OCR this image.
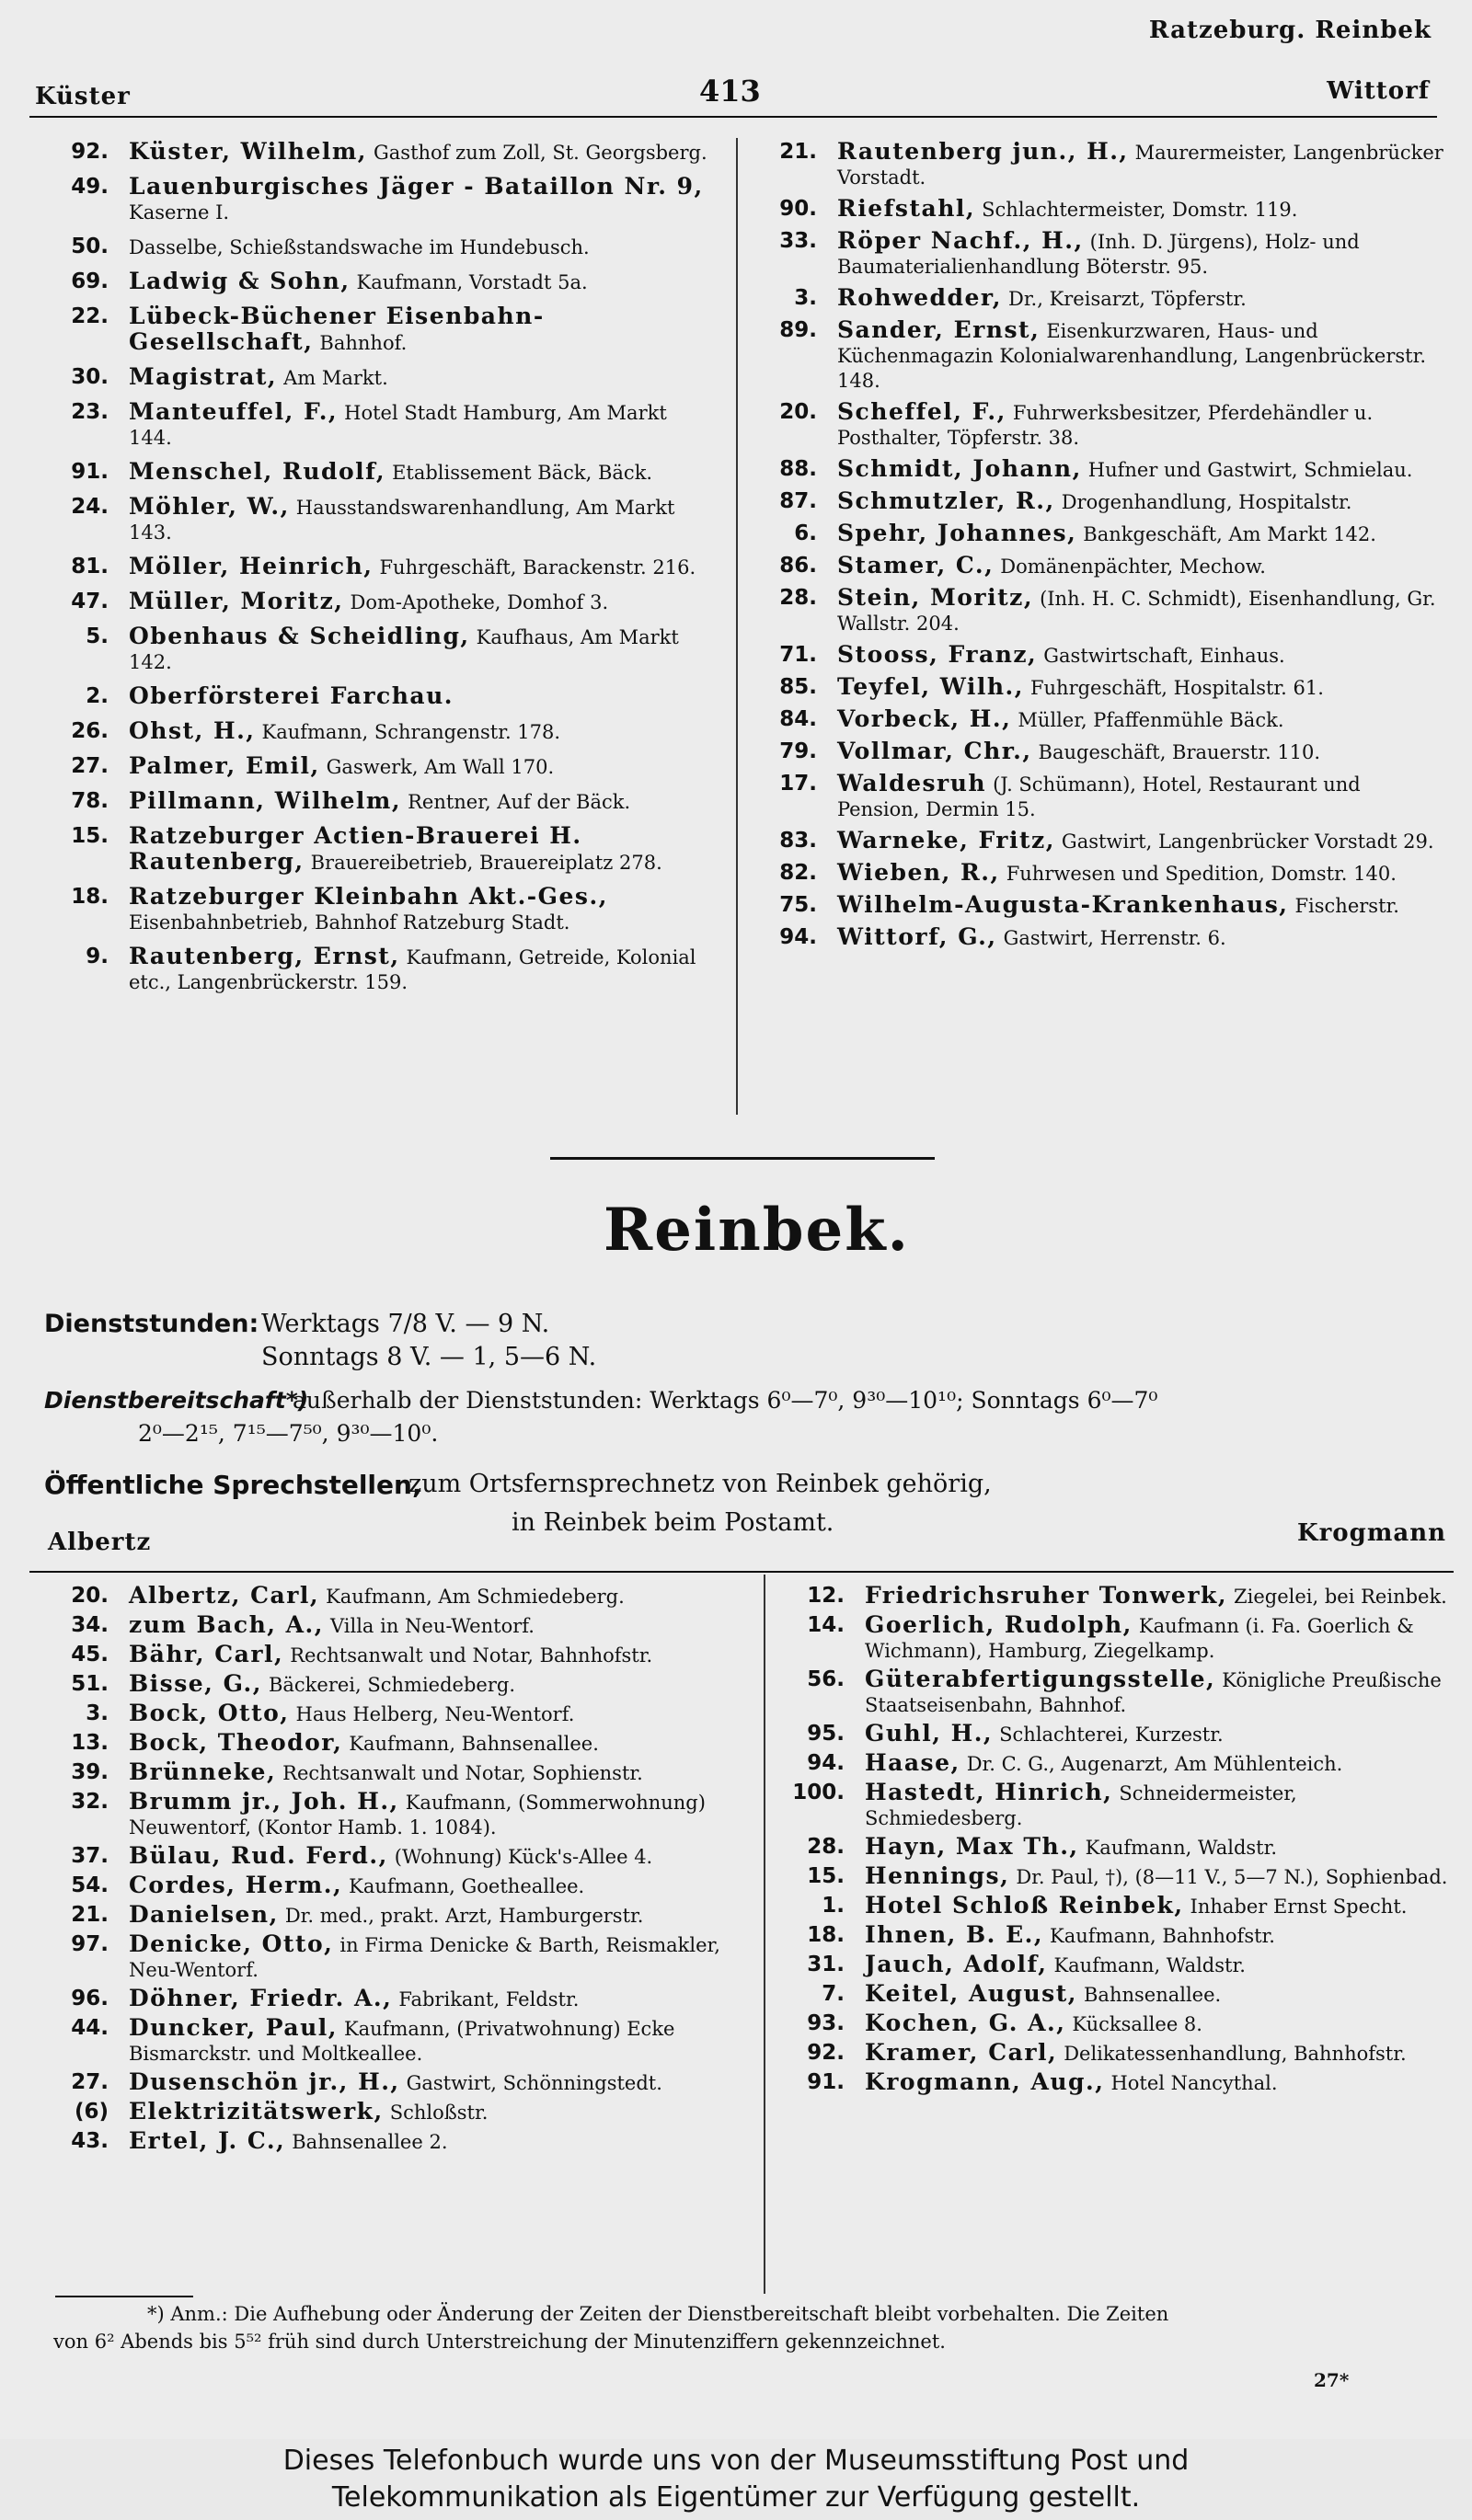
Ratzeburg. Reinbek
Küster	413	Wittorf
92. Küster, Wilhelm, Gasthof zum Zoll, St. Georgsberg.
49. Lauenburgisches Jäger - Bataillon Nr. 9, Kaserne I.
50. Dasselbe, Schießstandswache im Hundebusch.
69. Ladwig & Sohn, Kaufmann, Vorstadt 5a.
22. Lübeck-Büchener Eisenbahn-Gesellschaft, Bahnhof.
30. Magistrat, Am Markt.
23. Manteuffel, F., Hotel Stadt Hamburg, Am Markt 144.
91. Menschel, Rudolf, Etablissement Bäck, Bäck.
24. Möhler, W., Hausstandswarenhandlung, Am Markt 143.
81. Möller, Heinrich, Fuhrgeschäft, Barackenstr. 216.
47. Müller, Moritz, Dom-Apotheke, Domhof 3.
5. Obenhaus & Scheidling, Kaufhaus, Am Markt 142.
2. Oberförsterei Farchau.
26. Ohst, H., Kaufmann, Schrangenstr. 178.
27. Palmer, Emil, Gaswerk, Am Wall 170.
78. Pillmann, Wilhelm, Rentner, Auf der Bäck.
15. Ratzeburger Actien-Brauerei H. Rautenberg, Brauereibetrieb, Brauereiplatz 278.
18. Ratzeburger Kleinbahn Akt.-Ges., Eisenbahnbetrieb, Bahnhof Ratzeburg Stadt.
9. Rautenberg, Ernst, Kaufmann, Getreide, Kolonial etc., Langenbrückerstr. 159.
21. Rautenberg jun., H., Maurermeister, Langenbrücker Vorstadt.
90. Riefstahl, Schlachtermeister, Domstr. 119.
33. Röper Nachf., H., (Inh. D. Jürgens), Holz- und Baumaterialienhandlung Böterstr. 95.
3. Rohwedder, Dr., Kreisarzt, Töpferstr.
89. Sander, Ernst, Eisenkurzwaren, Haus- und Küchenmagazin Kolonialwarenhandlung, Langenbrückerstr. 148.
20. Scheffel, F., Fuhrwerksbesitzer, Pferdehändler u. Posthalter, Töpferstr. 38.
88. Schmidt, Johann, Hufner und Gastwirt, Schmielau.
87. Schmutzler, R., Drogenhandlung, Hospitalstr.
6. Spehr, Johannes, Bankgeschäft, Am Markt 142.
86. Stamer, C., Domänenpächter, Mechow.
28. Stein, Moritz, (Inh. H. C. Schmidt), Eisenhandlung, Gr. Wallstr. 204.
71. Stooss, Franz, Gastwirtschaft, Einhaus.
85. Teyfel, Wilh., Fuhrgeschäft, Hospitalstr. 61.
84. Vorbeck, H., Müller, Pfaffenmühle Bäck.
79. Vollmar, Chr., Baugeschäft, Brauerstr. 110.
17. Waldesruh (J. Schümann), Hotel, Restaurant und Pension, Dermin 15.
83. Warneke, Fritz, Gastwirt, Langenbrücker Vorstadt 29.
82. Wieben, R., Fuhrwesen und Spedition, Domstr. 140.
75. Wilhelm-Augusta-Krankenhaus, Fischerstr.
94. Wittorf, G., Gastwirt, Herrenstr. 6.
Reinbek.
Dienststunden: Werktags 7/8 V. — 9 N.
Sonntags 8 V. — 1, 5—6 N.
Dienstbereitschaft*)
außerhalb der Dienststunden: Werktags 6⁰—7⁰, 9³⁰—10¹⁰; Sonntags 6⁰—7⁰
2⁰—2¹⁵, 7¹⁵—7⁵⁰, 9³⁰—10⁰.
Öffentliche Sprechstellen,
zum Ortsfernsprechnetz von Reinbek gehörig,
in Reinbek beim Postamt.
Albertz	Krogmann
20. Albertz, Carl, Kaufmann, Am Schmiedeberg.
34. zum Bach, A., Villa in Neu-Wentorf.
45. Bähr, Carl, Rechtsanwalt und Notar, Bahnhofstr.
51. Bisse, G., Bäckerei, Schmiedeberg.
3. Bock, Otto, Haus Helberg, Neu-Wentorf.
13. Bock, Theodor, Kaufmann, Bahnsenallee.
39. Brünneke, Rechtsanwalt und Notar, Sophienstr.
32. Brumm jr., Joh. H., Kaufmann, (Sommerwohnung) Neuwentorf, (Kontor Hamb. 1. 1084).
37. Bülau, Rud. Ferd., (Wohnung) Kück's-Allee 4.
54. Cordes, Herm., Kaufmann, Goetheallee.
21. Danielsen, Dr. med., prakt. Arzt, Hamburgerstr.
97. Denicke, Otto, in Firma Denicke & Barth, Reismakler, Neu-Wentorf.
96. Döhner, Friedr. A., Fabrikant, Feldstr.
44. Duncker, Paul, Kaufmann, (Privatwohnung) Ecke Bismarckstr. und Moltkeallee.
27. Dusenschön jr., H., Gastwirt, Schönningstedt.
(6) Elektrizitätswerk, Schloßstr.
43. Ertel, J. C., Bahnsenallee 2.
12. Friedrichsruher Tonwerk, Ziegelei, bei Reinbek.
14. Goerlich, Rudolph, Kaufmann (i. Fa. Goerlich & Wichmann), Hamburg, Ziegelkamp.
56. Güterabfertigungsstelle, Königliche Preußische Staatseisenbahn, Bahnhof.
95. Guhl, H., Schlachterei, Kurzestr.
94. Haase, Dr. C. G., Augenarzt, Am Mühlenteich.
100. Hastedt, Hinrich, Schneidermeister, Schmiedesberg.
28. Hayn, Max Th., Kaufmann, Waldstr.
15. Hennings, Dr. Paul, †), (8—11 V., 5—7 N.), Sophienbad.
1. Hotel Schloß Reinbek, Inhaber Ernst Specht.
18. Ihnen, B. E., Kaufmann, Bahnhofstr.
31. Jauch, Adolf, Kaufmann, Waldstr.
7. Keitel, August, Bahnsenallee.
93. Kochen, G. A., Kücksallee 8.
92. Kramer, Carl, Delikatessenhandlung, Bahnhofstr.
91. Krogmann, Aug., Hotel Nancythal.
*) Anm.: Die Aufhebung oder Änderung der Zeiten der Dienstbereitschaft bleibt vorbehalten. Die Zeiten
von 6² Abends bis 5⁵² früh sind durch Unterstreichung der Minutenziffern gekennzeichnet.
27*
Dieses Telefonbuch wurde uns von der Museumsstiftung Post und
Telekommunikation als Eigentümer zur Verfügung gestellt.
